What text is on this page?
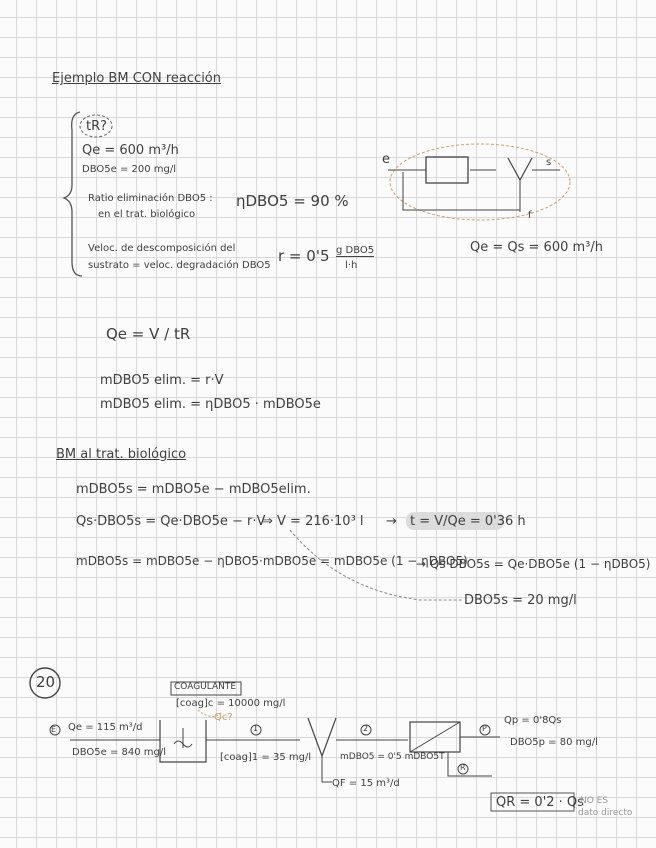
Ejemplo BM CON reacción
tR?
Qe = 600 m³/h
DBO5e = 200 mg/l
Ratio eliminación DBO5 :
en el trat. biológico
ηDBO5 = 90 %
Veloc. de descomposición del
sustrato = veloc. degradación DBO5
r = 0'5 g DBO5
l·h
e	s
f
Qe = Qs = 600 m³/h
Qe = V / tR
mDBO5 elim. = r·V
mDBO5 elim. = ηDBO5 · mDBO5e
BM al trat. biológico
mDBO5s = mDBO5e − mDBO5elim.
Qs·DBO5s = Qe·DBO5e − r·V
⇒ V = 216·10³ l → t = V/Qe = 0'36 h
mDBO5s = mDBO5e − ηDBO5·mDBO5e = mDBO5e (1 − ηDBO5)
→ Qs·DBO5s = Qe·DBO5e (1 − ηDBO5)
DBO5s = 20 mg/l
20	COAGULANTE
[coag]c = 10000 mg/l
Qc?
E Qe = 115 m³/d
DBO5e = 840 mg/l
1
[coag]1 = 35 mg/l
2
mDBO5 = 0'5 mDBO5T
QF = 15 m³/d
P
Qp = 0'8Qs
DBO5p = 80 mg/l
R
QR = 0'2 · Qs
NO ES
dato directo
